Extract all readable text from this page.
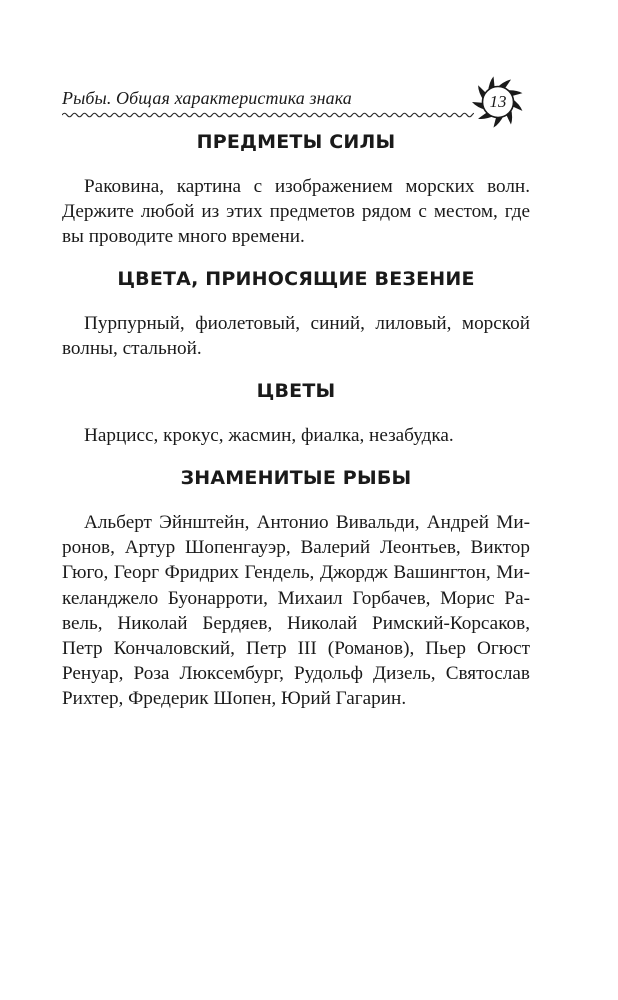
Рыбы. Общая характеристика знака	13
ПРЕДМЕТЫ СИЛЫ

Раковина, картина с изображением морских волн. Держите любой из этих предметов рядом с местом, где вы проводите много времени.

ЦВЕТА, ПРИНОСЯЩИЕ ВЕЗЕНИЕ

Пурпурный, фиолетовый, синий, лиловый, морской волны, стальной.

ЦВЕТЫ

Нарцисс, крокус, жасмин, фиалка, незабудка.

ЗНАМЕНИТЫЕ РЫБЫ

Альберт Эйнштейн, Антонио Вивальди, Андрей Миронов, Артур Шопенгауэр, Валерий Леонтьев, Виктор Гюго, Георг Фридрих Гендель, Джордж Вашингтон, Микеланджело Буонарроти, Михаил Горбачев, Морис Равель, Николай Бердяев, Николай Римский-Корсаков, Петр Кончаловский, Петр III (Романов), Пьер Огюст Ренуар, Роза Люксембург, Рудольф Дизель, Святослав Рихтер, Фредерик Шопен, Юрий Гагарин.
